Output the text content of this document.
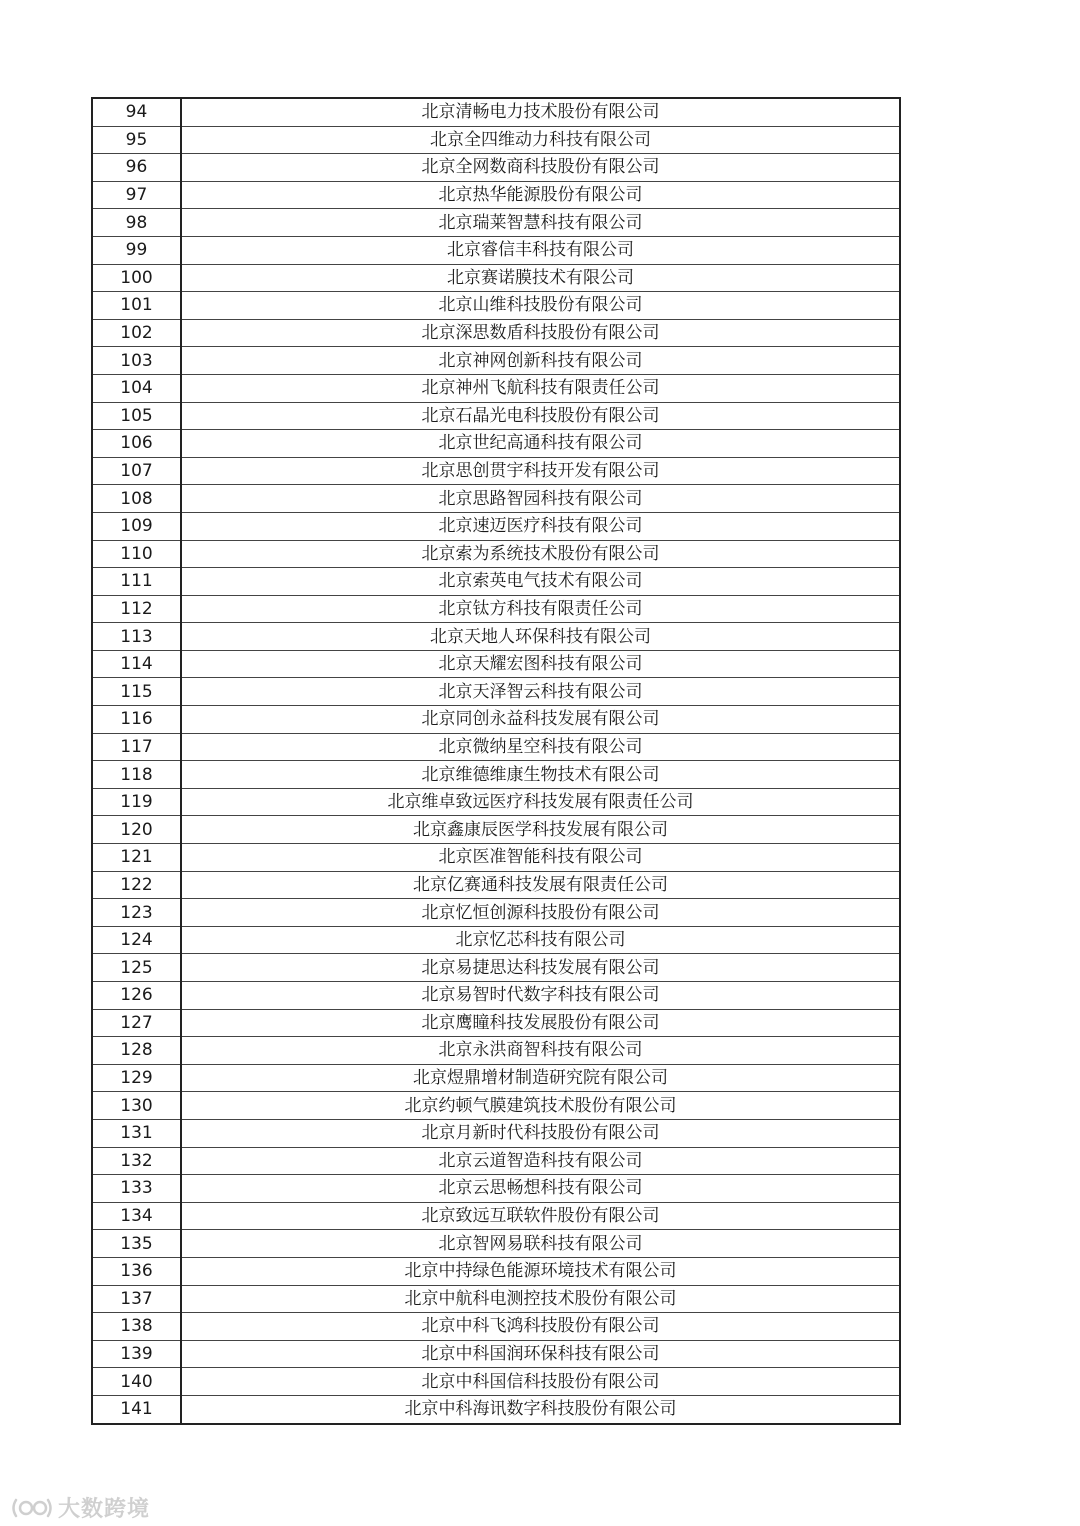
94	北京清畅电力技术股份有限公司
95	北京全四维动力科技有限公司
96	北京全网数商科技股份有限公司
97	北京热华能源股份有限公司
98	北京瑞莱智慧科技有限公司
99	北京睿信丰科技有限公司
100	北京赛诺膜技术有限公司
101	北京山维科技股份有限公司
102	北京深思数盾科技股份有限公司
103	北京神网创新科技有限公司
104	北京神州飞航科技有限责任公司
105	北京石晶光电科技股份有限公司
106	北京世纪高通科技有限公司
107	北京思创贯宇科技开发有限公司
108	北京思路智园科技有限公司
109	北京速迈医疗科技有限公司
110	北京索为系统技术股份有限公司
111	北京索英电气技术有限公司
112	北京钛方科技有限责任公司
113	北京天地人环保科技有限公司
114	北京天耀宏图科技有限公司
115	北京天泽智云科技有限公司
116	北京同创永益科技发展有限公司
117	北京微纳星空科技有限公司
118	北京维德维康生物技术有限公司
119	北京维卓致远医疗科技发展有限责任公司
120	北京鑫康辰医学科技发展有限公司
121	北京医准智能科技有限公司
122	北京亿赛通科技发展有限责任公司
123	北京忆恒创源科技股份有限公司
124	北京忆芯科技有限公司
125	北京易捷思达科技发展有限公司
126	北京易智时代数字科技有限公司
127	北京鹰瞳科技发展股份有限公司
128	北京永洪商智科技有限公司
129	北京煜鼎增材制造研究院有限公司
130	北京约顿气膜建筑技术股份有限公司
131	北京月新时代科技股份有限公司
132	北京云道智造科技有限公司
133	北京云思畅想科技有限公司
134	北京致远互联软件股份有限公司
135	北京智网易联科技有限公司
136	北京中持绿色能源环境技术有限公司
137	北京中航科电测控技术股份有限公司
138	北京中科飞鸿科技股份有限公司
139	北京中科国润环保科技有限公司
140	北京中科国信科技股份有限公司
141	北京中科海讯数字科技股份有限公司
大数跨境
